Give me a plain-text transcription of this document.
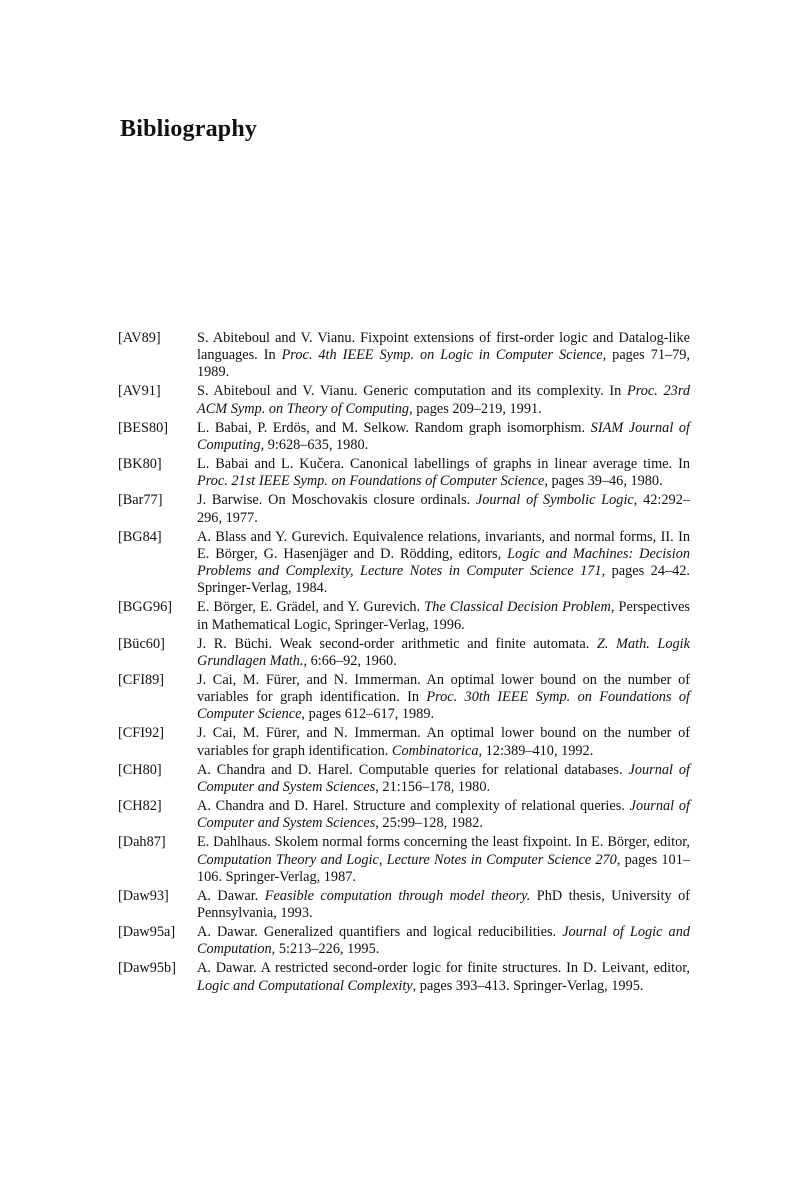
Bibliography
[AV89]	S. Abiteboul and V. Vianu. Fixpoint extensions of first-order logic and Datalog-like languages. In Proc. 4th IEEE Symp. on Logic in Computer Science, pages 71–79, 1989.
[AV91]	S. Abiteboul and V. Vianu. Generic computation and its complexity. In Proc. 23rd ACM Symp. on Theory of Computing, pages 209–219, 1991.
[BES80]	L. Babai, P. Erdös, and M. Selkow. Random graph isomorphism. SIAM Journal of Computing, 9:628–635, 1980.
[BK80]	L. Babai and L. Kučera. Canonical labellings of graphs in linear average time. In Proc. 21st IEEE Symp. on Foundations of Computer Science, pages 39–46, 1980.
[Bar77]	J. Barwise. On Moschovakis closure ordinals. Journal of Symbolic Logic, 42:292–296, 1977.
[BG84]	A. Blass and Y. Gurevich. Equivalence relations, invariants, and normal forms, II. In E. Börger, G. Hasenjäger and D. Rödding, editors, Logic and Machines: Decision Problems and Complexity, Lecture Notes in Computer Science 171, pages 24–42. Springer-Verlag, 1984.
[BGG96]	E. Börger, E. Grädel, and Y. Gurevich. The Classical Decision Problem, Perspectives in Mathematical Logic, Springer-Verlag, 1996.
[Büc60]	J. R. Büchi. Weak second-order arithmetic and finite automata. Z. Math. Logik Grundlagen Math., 6:66–92, 1960.
[CFI89]	J. Cai, M. Fürer, and N. Immerman. An optimal lower bound on the number of variables for graph identification. In Proc. 30th IEEE Symp. on Foundations of Computer Science, pages 612–617, 1989.
[CFI92]	J. Cai, M. Fürer, and N. Immerman. An optimal lower bound on the number of variables for graph identification. Combinatorica, 12:389–410, 1992.
[CH80]	A. Chandra and D. Harel. Computable queries for relational databases. Journal of Computer and System Sciences, 21:156–178, 1980.
[CH82]	A. Chandra and D. Harel. Structure and complexity of relational queries. Journal of Computer and System Sciences, 25:99–128, 1982.
[Dah87]	E. Dahlhaus. Skolem normal forms concerning the least fixpoint. In E. Börger, editor, Computation Theory and Logic, Lecture Notes in Computer Science 270, pages 101–106. Springer-Verlag, 1987.
[Daw93]	A. Dawar. Feasible computation through model theory. PhD thesis, University of Pennsylvania, 1993.
[Daw95a]	A. Dawar. Generalized quantifiers and logical reducibilities. Journal of Logic and Computation, 5:213–226, 1995.
[Daw95b]	A. Dawar. A restricted second-order logic for finite structures. In D. Leivant, editor, Logic and Computational Complexity, pages 393–413. Springer-Verlag, 1995.
